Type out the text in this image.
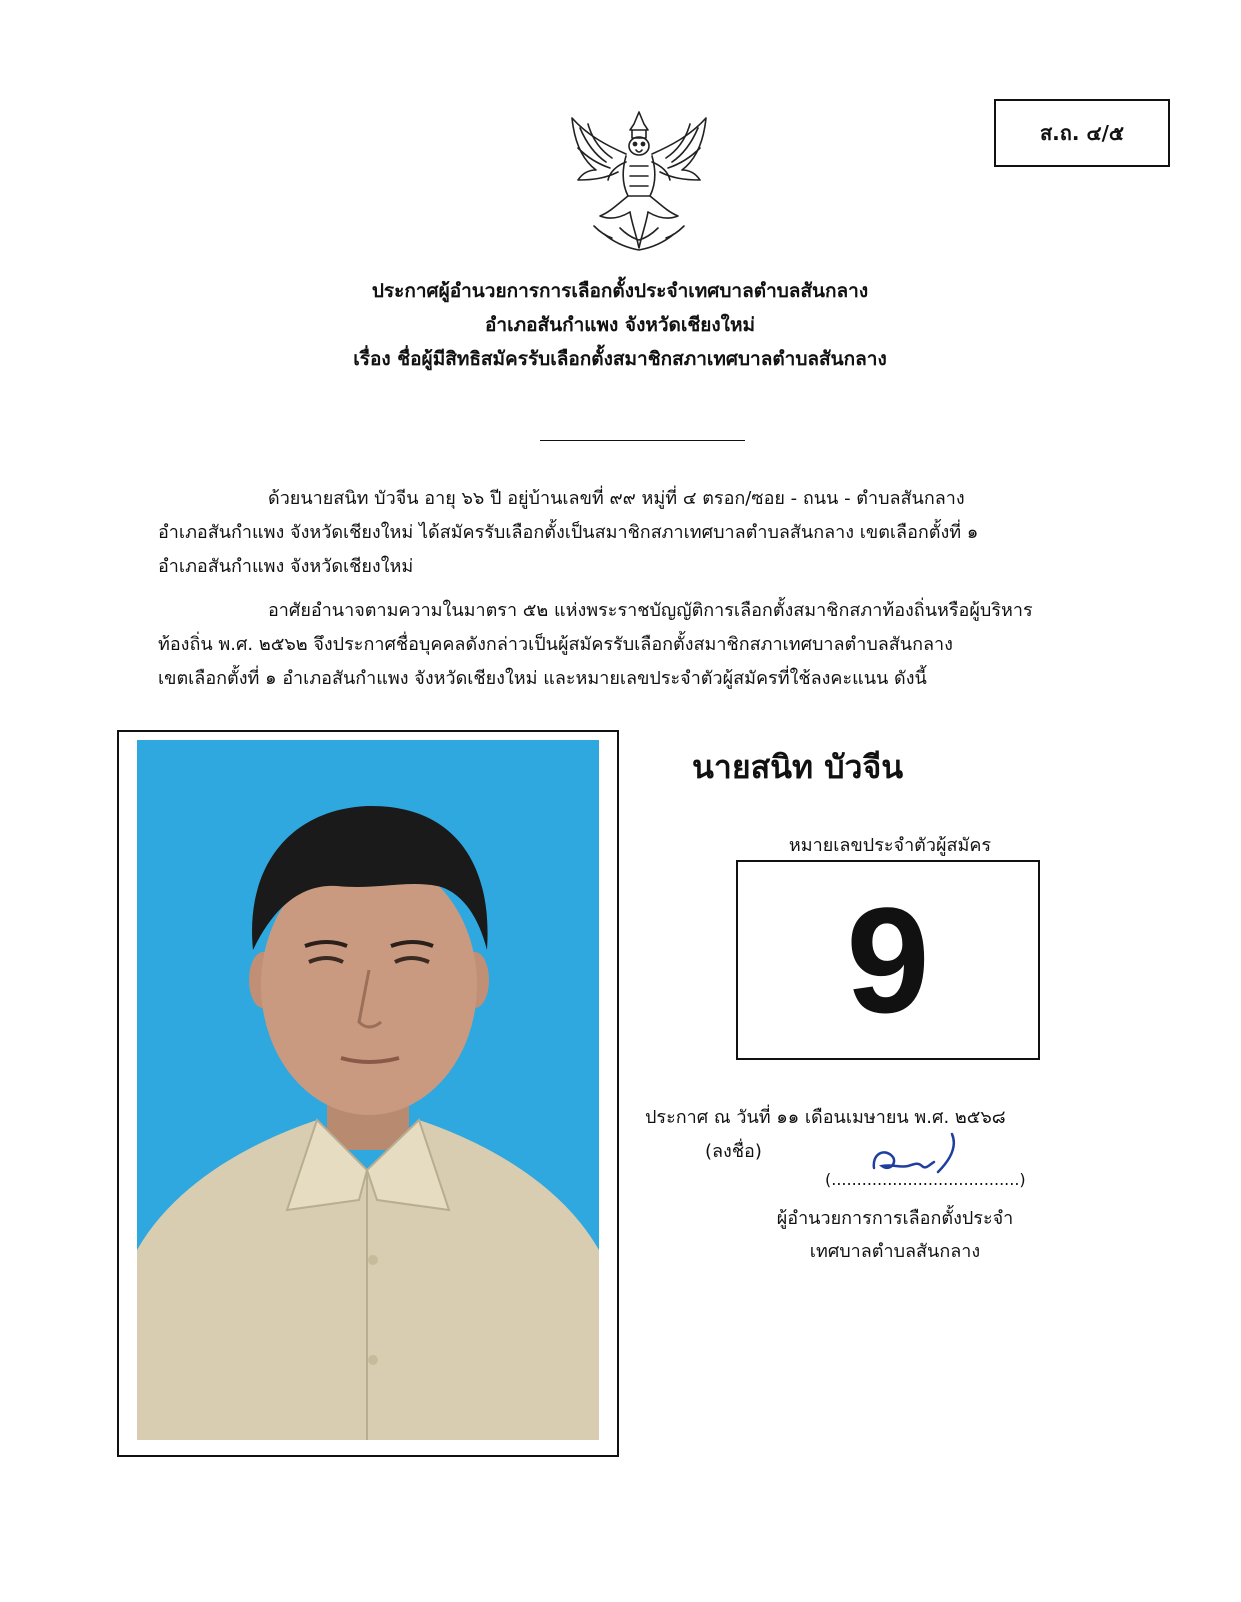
ส.ถ. ๔/๕
ประกาศผู้อำนวยการการเลือกตั้งประจำเทศบาลตำบลสันกลาง
อำเภอสันกำแพง จังหวัดเชียงใหม่
เรื่อง ชื่อผู้มีสิทธิสมัครรับเลือกตั้งสมาชิกสภาเทศบาลตำบลสันกลาง
ด้วยนายสนิท บัวจีน อายุ ๖๖ ปี อยู่บ้านเลขที่ ๙๙ หมู่ที่ ๔ ตรอก/ซอย - ถนน - ตำบลสันกลาง
อำเภอสันกำแพง จังหวัดเชียงใหม่ ได้สมัครรับเลือกตั้งเป็นสมาชิกสภาเทศบาลตำบลสันกลาง เขตเลือกตั้งที่ ๑
อำเภอสันกำแพง จังหวัดเชียงใหม่
อาศัยอำนาจตามความในมาตรา ๕๒ แห่งพระราชบัญญัติการเลือกตั้งสมาชิกสภาท้องถิ่นหรือผู้บริหาร
ท้องถิ่น พ.ศ. ๒๕๖๒ จึงประกาศชื่อบุคคลดังกล่าวเป็นผู้สมัครรับเลือกตั้งสมาชิกสภาเทศบาลตำบลสันกลาง
เขตเลือกตั้งที่ ๑ อำเภอสันกำแพง จังหวัดเชียงใหม่ และหมายเลขประจำตัวผู้สมัครที่ใช้ลงคะแนน ดังนี้
นายสนิท บัวจีน
หมายเลขประจำตัวผู้สมัคร
9
ประกาศ ณ วันที่ ๑๑ เดือนเมษายน พ.ศ. ๒๕๖๘
(ลงชื่อ)
(.....................................)
ผู้อำนวยการการเลือกตั้งประจำ
เทศบาลตำบลสันกลาง
